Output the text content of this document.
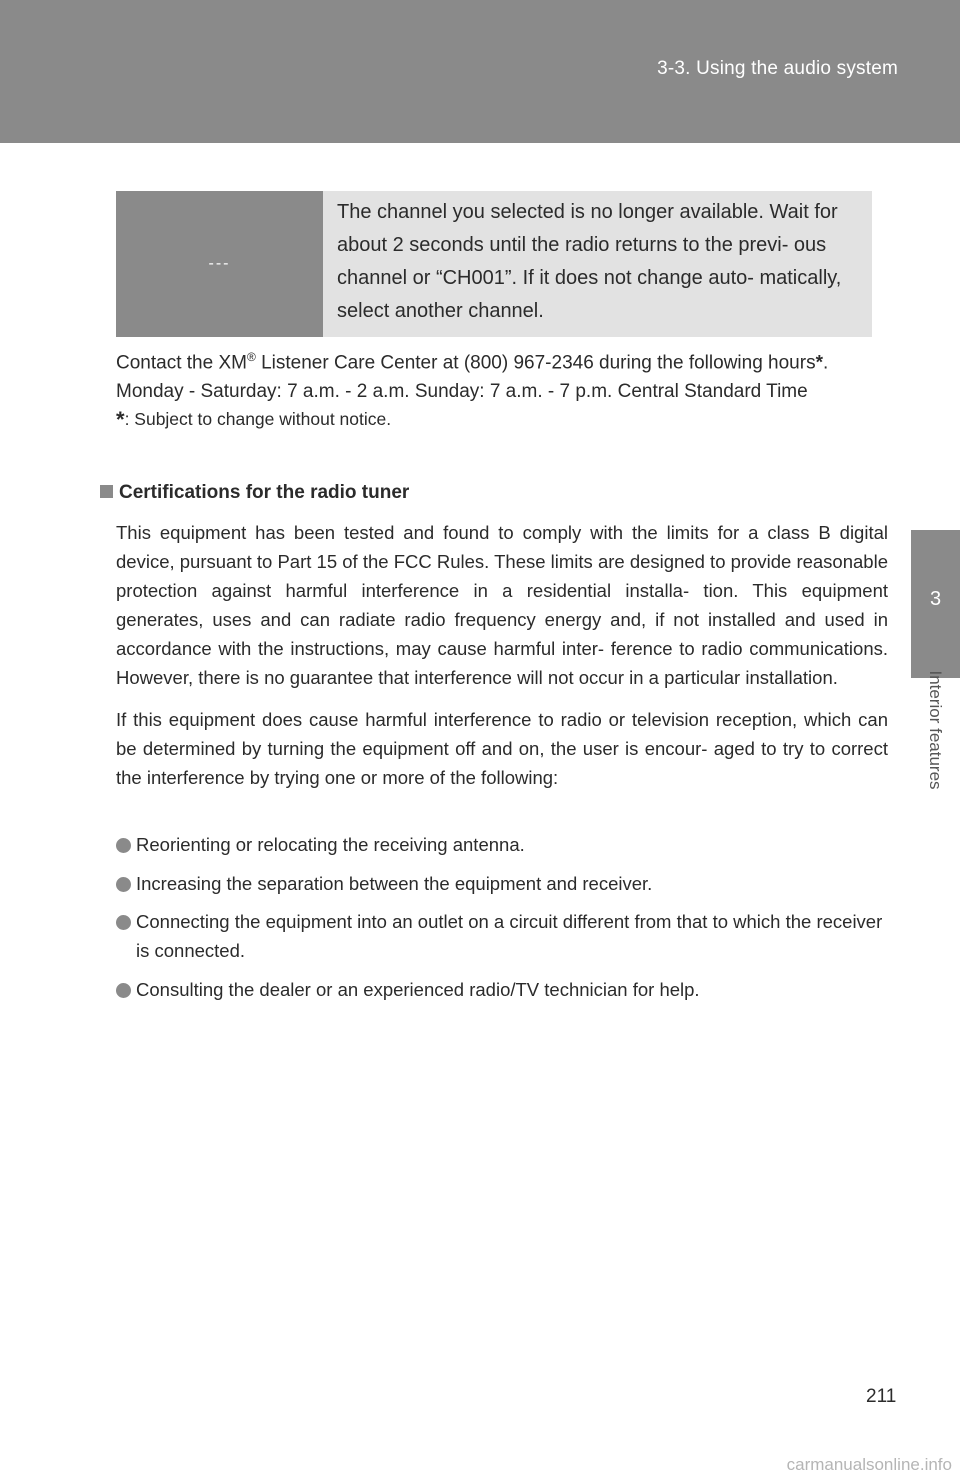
3-3. Using the audio system
3
Interior features
---
The channel you selected is no longer available. Wait for about 2 seconds until the radio returns to the previ- ous channel or “CH001”. If it does not change auto- matically, select another channel.

Contact the XM® Listener Care Center at (800) 967-2346 during the following hours*.
Monday - Saturday: 7 a.m. - 2 a.m. Sunday: 7 a.m. - 7 p.m. Central Standard Time

*: Subject to change without notice.

Certifications for the radio tuner

This equipment has been tested and found to comply with the limits for a class B digital device, pursuant to Part 15 of the FCC Rules. These limits are designed to provide reasonable protection against harmful interference in a residential installa- tion. This equipment generates, uses and can radiate radio frequency energy and, if not installed and used in accordance with the instructions, may cause harmful inter- ference to radio communications. However, there is no guarantee that interference will not occur in a particular installation.

If this equipment does cause harmful interference to radio or television reception, which can be determined by turning the equipment off and on, the user is encour- aged to try to correct the interference by trying one or more of the following:

Reorienting or relocating the receiving antenna.
Increasing the separation between the equipment and receiver.
Connecting the equipment into an outlet on a circuit different from that to which the receiver is connected.
Consulting the dealer or an experienced radio/TV technician for help.
211
carmanualsonline.info
